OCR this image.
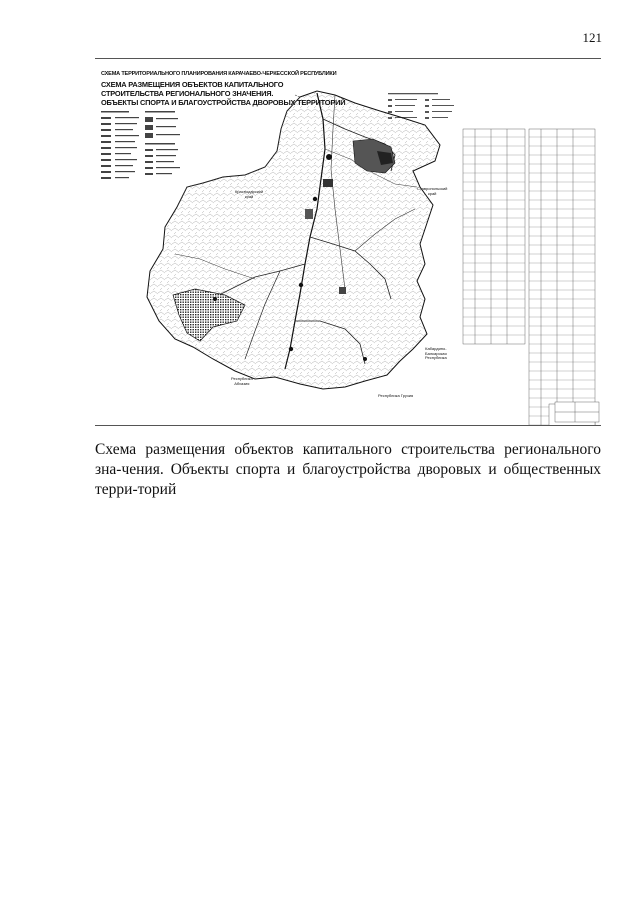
121
СХЕМА ТЕРРИТОРИАЛЬНОГО ПЛАНИРОВАНИЯ КАРАЧАЕВО-ЧЕРКЕССКОЙ РЕСПУБЛИКИ
СХЕМА РАЗМЕЩЕНИЯ ОБЪЕКТОВ КАПИТАЛЬНОГО
СТРОИТЕЛЬСТВА РЕГИОНАЛЬНОГО ЗНАЧЕНИЯ.
ОБЪЕКТЫ СПОРТА И БЛАГОУСТРОЙСТВА ДВОРОВЫХ ТЕРРИТОРИЙ
Краснодарский
край
Ставропольский
край
Кабардино-
Балкарская
Республика
Республика
Абхазия
Республика Грузия
Схема размещения объектов капитального строительства регионального зна-чения. Объекты спорта и благоустройства дворовых и общественных терри-торий
